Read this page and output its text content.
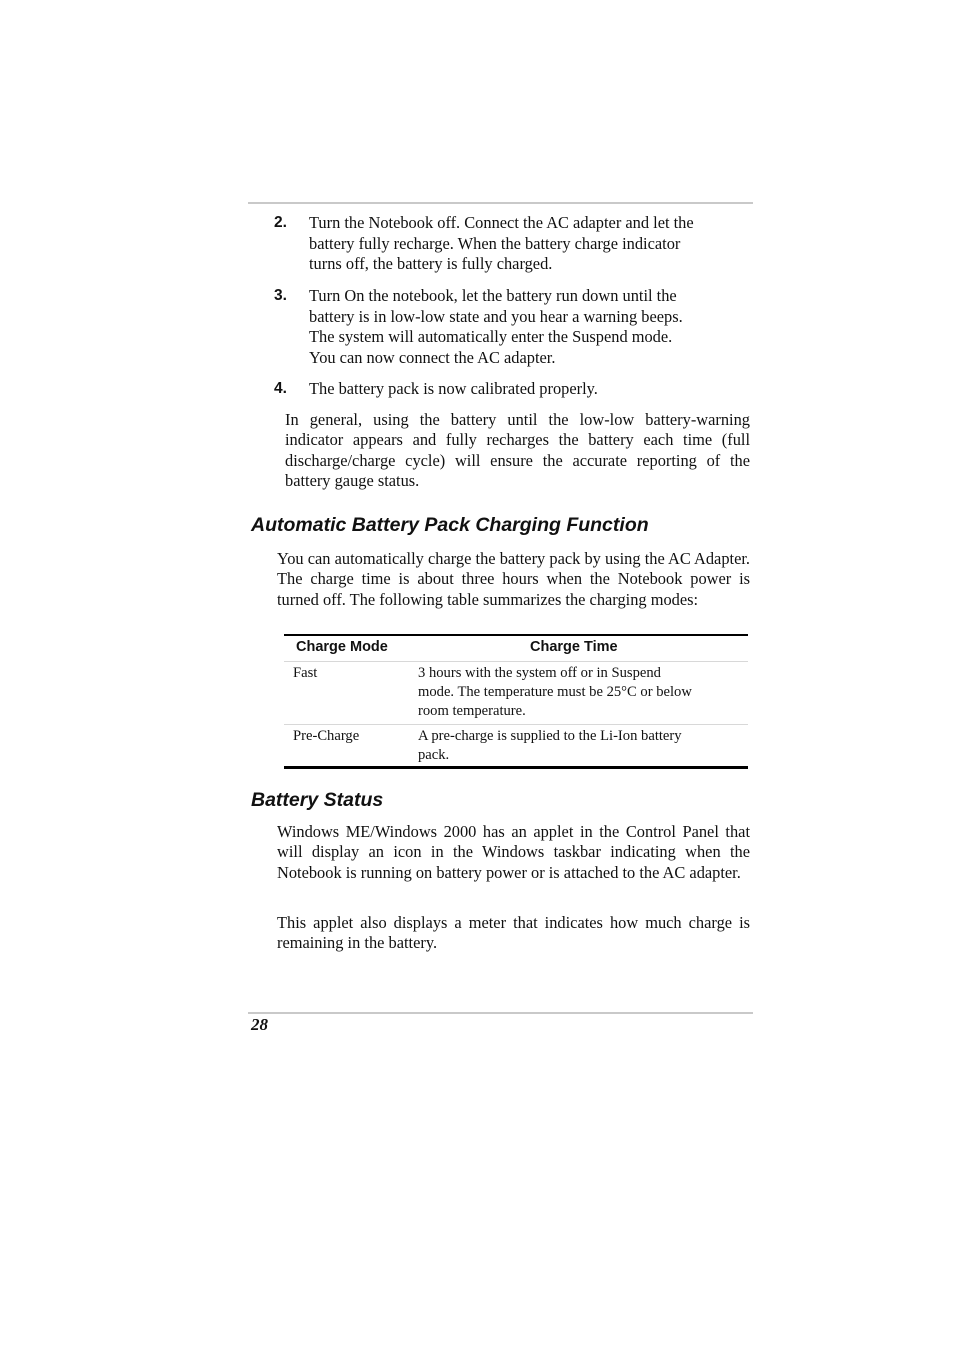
2. Turn the Notebook off. Connect the AC adapter and let the
battery fully recharge. When the battery charge indicator
turns off, the battery is fully charged.
3. Turn On the notebook, let the battery run down until the
battery is in low-low state and you hear a warning beeps.
The system will automatically enter the Suspend mode.
You can now connect the AC adapter.
4. The battery pack is now calibrated properly.
In general, using the battery until the low-low battery-warning indicator appears and fully recharges the battery each time (full discharge/charge cycle) will ensure the accurate reporting of the battery gauge status.
Automatic Battery Pack Charging Function
You can automatically charge the battery pack by using the AC Adapter. The charge time is about three hours when the Notebook power is turned off. The following table summarizes the charging modes:
Charge Mode	Charge Time
Fast	3 hours with the system off or in Suspend
mode. The temperature must be 25°C or below
room temperature.
Pre-Charge	A pre-charge is supplied to the Li-Ion battery
pack.
Battery Status
Windows ME/Windows 2000 has an applet in the Control Panel that will display an icon in the Windows taskbar indicating when the Notebook is running on battery power or is attached to the AC adapter.
This applet also displays a meter that indicates how much charge is remaining in the battery.
28
